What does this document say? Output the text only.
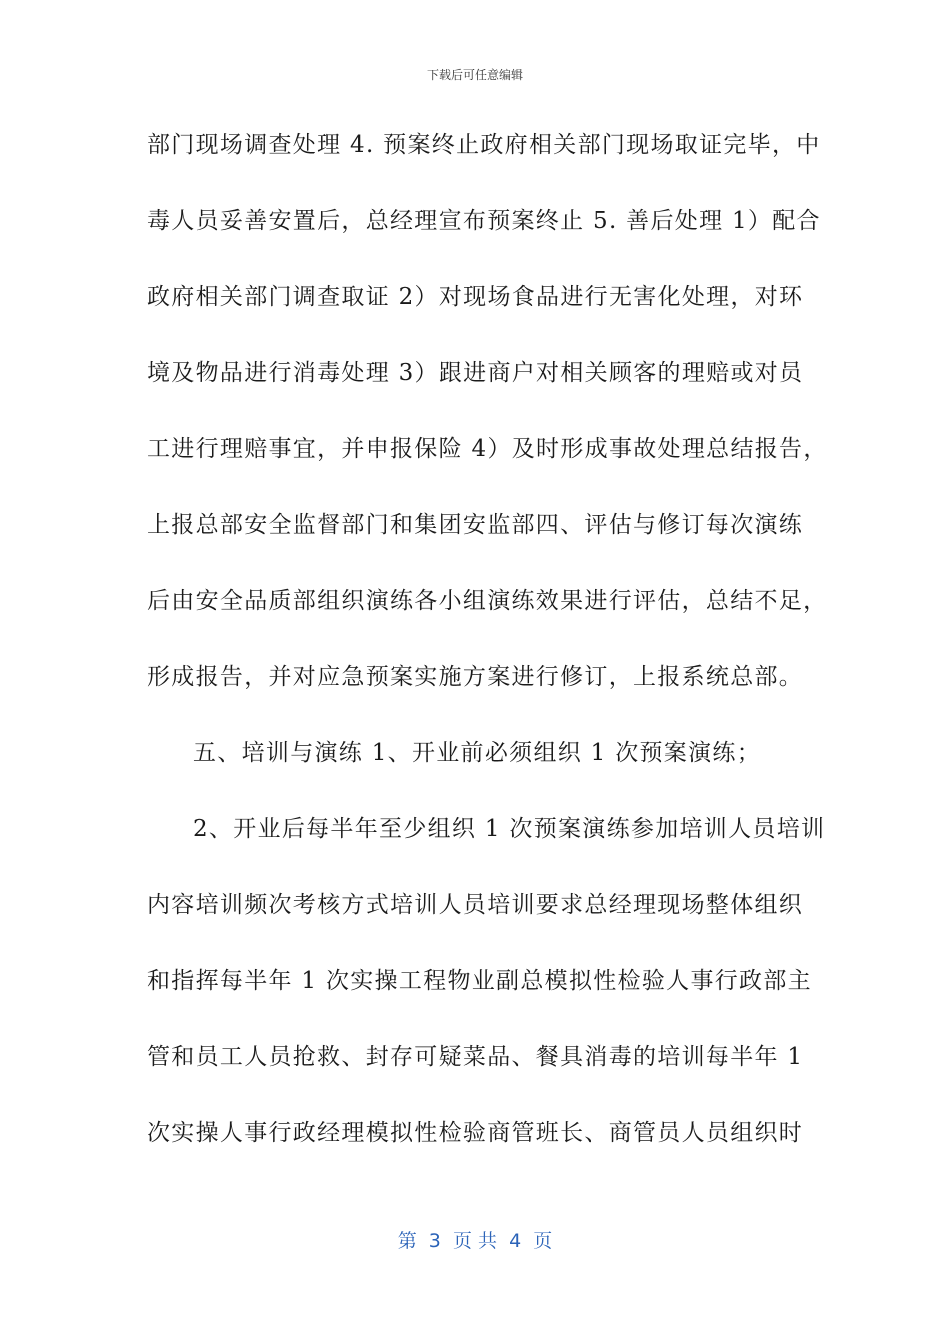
下载后可任意编辑
部门现场调查处理 4. 预案终止政府相关部门现场取证完毕，中
毒人员妥善安置后，总经理宣布预案终止 5. 善后处理 1）配合
政府相关部门调查取证 2）对现场食品进行无害化处理，对环
境及物品进行消毒处理 3）跟进商户对相关顾客的理赔或对员
工进行理赔事宜，并申报保险 4）及时形成事故处理总结报告，
上报总部安全监督部门和集团安监部四、评估与修订每次演练
后由安全品质部组织演练各小组演练效果进行评估，总结不足，
形成报告，并对应急预案实施方案进行修订，上报系统总部。
五、培训与演练 1、开业前必须组织 1 次预案演练；
2、开业后每半年至少组织 1 次预案演练参加培训人员培训
内容培训频次考核方式培训人员培训要求总经理现场整体组织
和指挥每半年 1 次实操工程物业副总模拟性检验人事行政部主
管和员工人员抢救、封存可疑菜品、餐具消毒的培训每半年 1
次实操人事行政经理模拟性检验商管班长、商管员人员组织时
第  3  页 共  4  页
